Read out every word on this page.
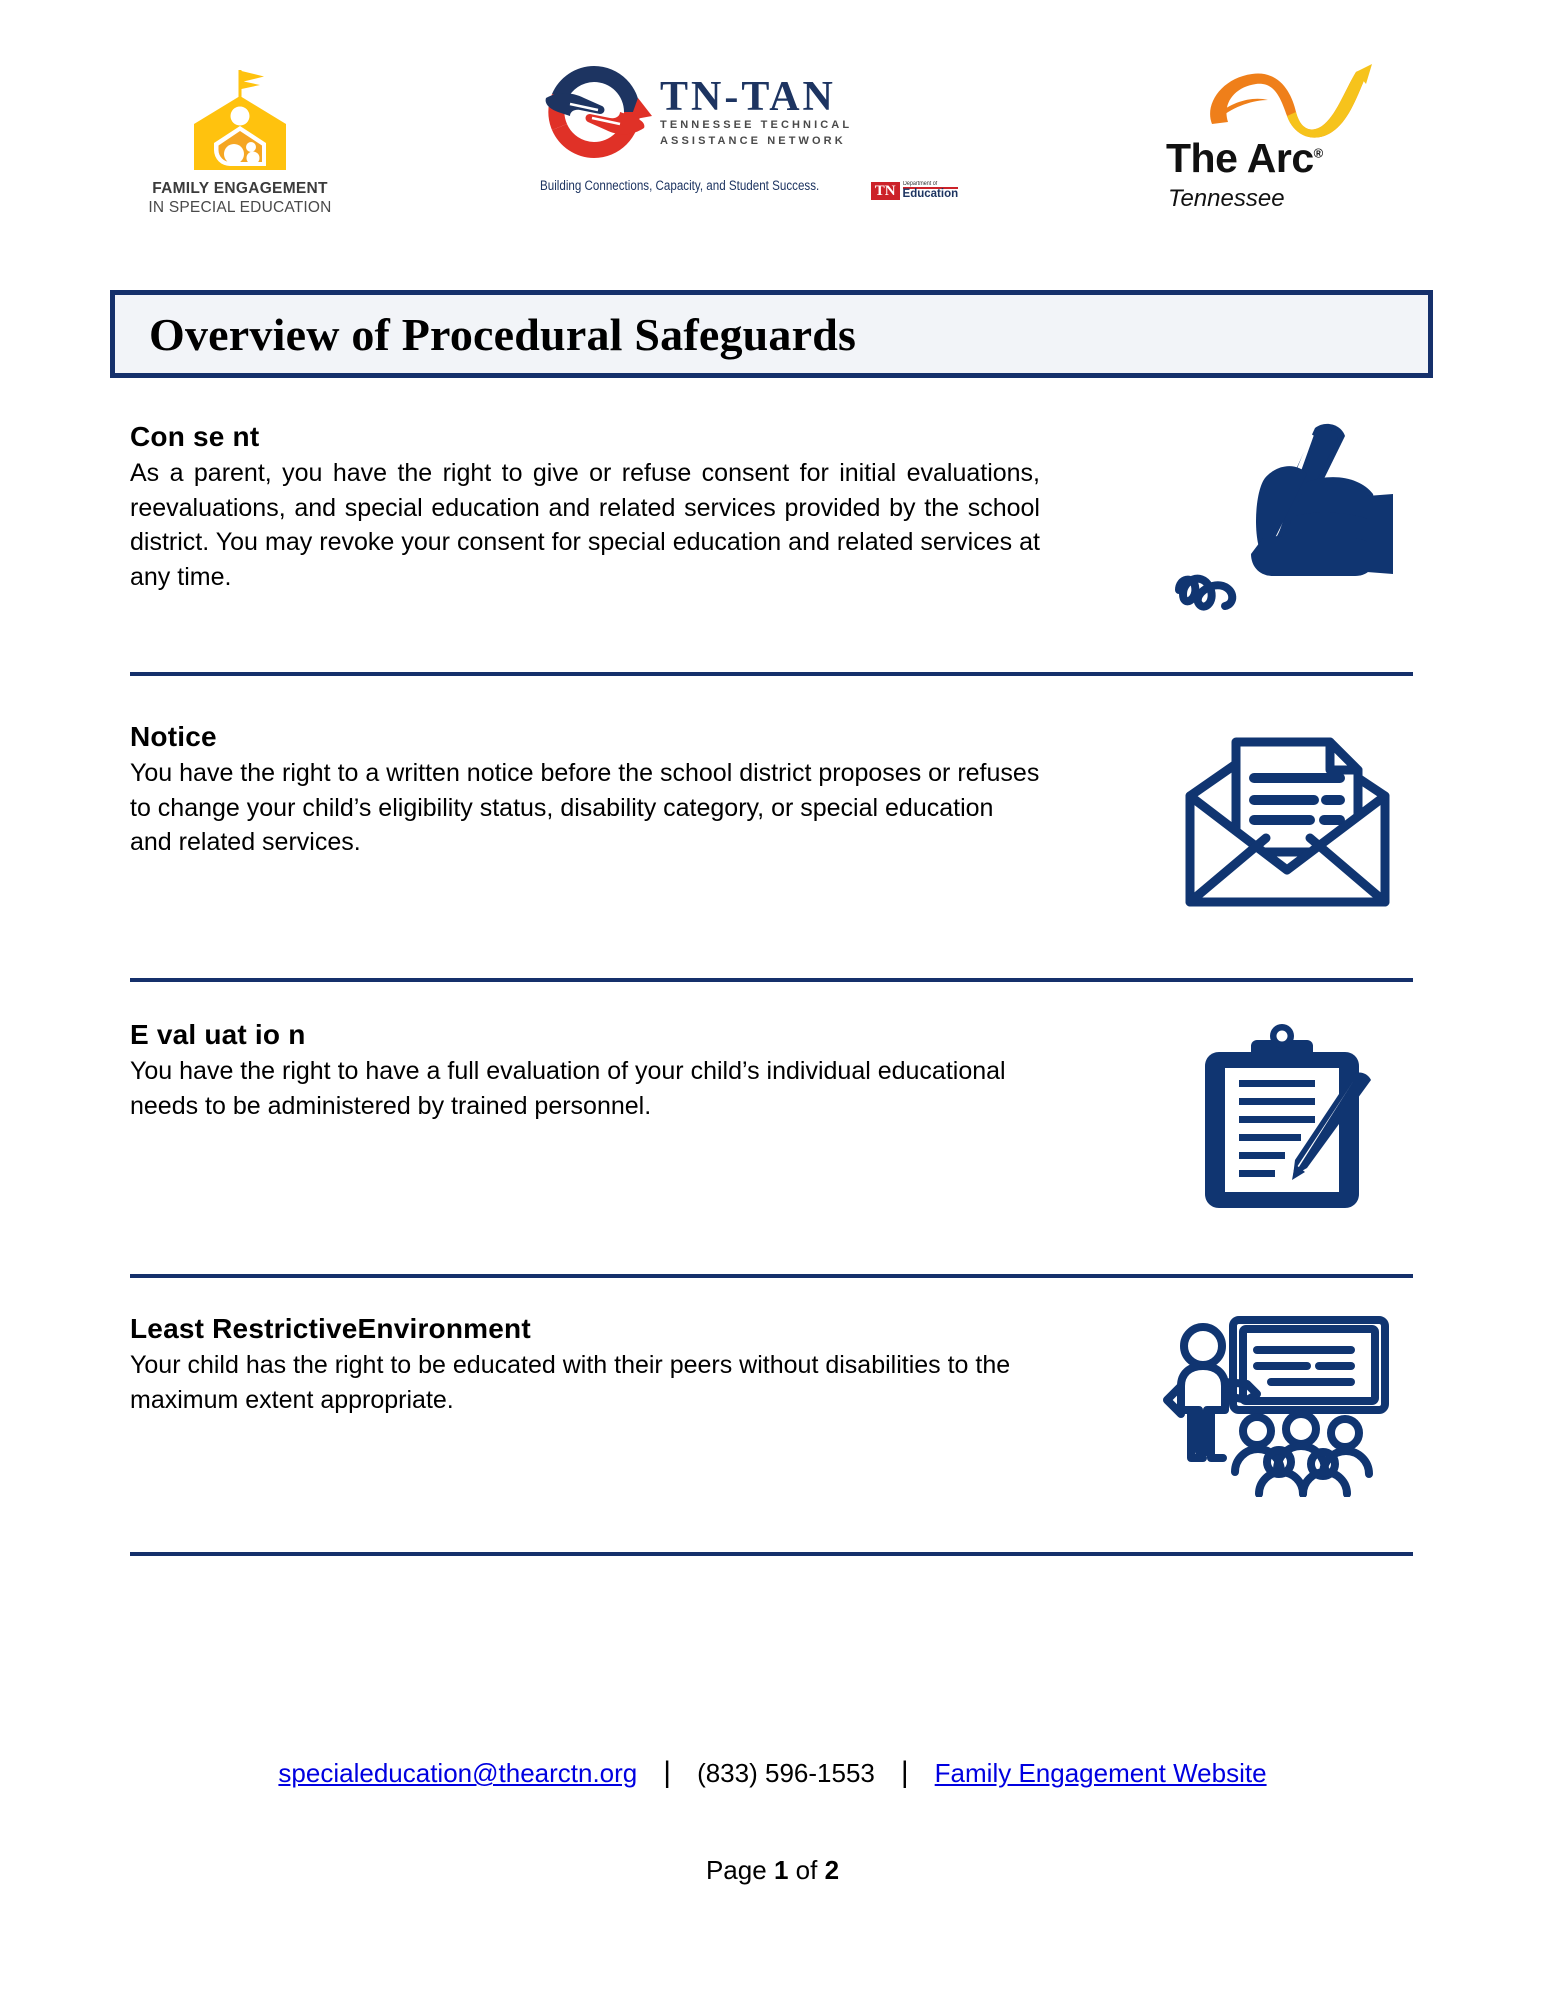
FAMILY ENGAGEMENT
IN SPECIAL EDUCATION
TN-TAN
TENNESSEE TECHNICAL
ASSISTANCE NETWORK
Building Connections, Capacity, and Student Success.	TN	Department of
Education
The Arc®
Tennessee
Overview of Procedural Safeguards
Con se nt
As a parent, you have the right to give or refuse consent for initial evaluations, reevaluations, and special education and related services provided by the school district. You may revoke your consent for special education and related services at any time.
Notice
You have the right to a written notice before the school district proposes or refuses to change your child’s eligibility status, disability category, or special education and related services.
E val uat io n
You have the right to have a full evaluation of your child’s individual educational needs to be administered by trained personnel.
Least RestrictiveEnvironment
Your child has the right to be educated with their peers without disabilities to the maximum extent appropriate.
specialeducation@thearctn.org |	(833) 596-1553 |	Family Engagement Website
Page 1 of 2
